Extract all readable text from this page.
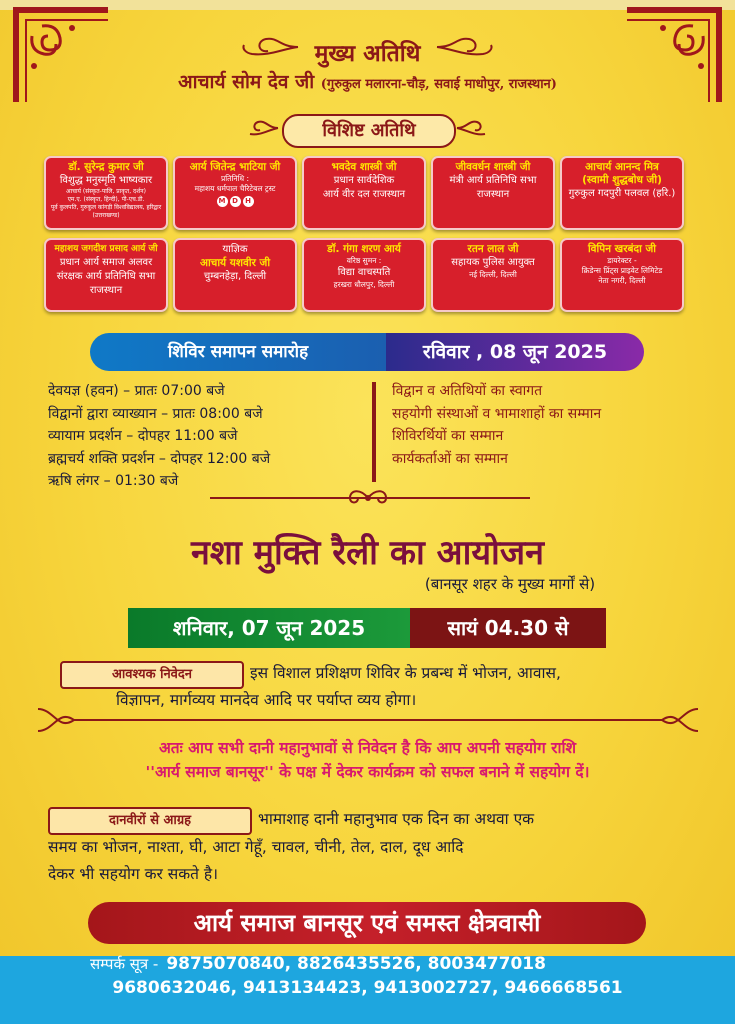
मुख्य अतिथि
आचार्य सोम देव जी (गुरुकुल मलारना-चौड़, सवाई माधोपुर, राजस्थान)
विशिष्ट अतिथि
डॉ. सुरेन्द्र कुमार जी
विशुद्ध मनुस्मृति भाष्यकार
आचार्य (संस्कृत-पालि, प्राकृत, दर्शन)
एम.ए. (संस्कृत, हिन्दी), पी-एच.डी.
पूर्व कुलपति, गुरुकुल कांगड़ी विश्वविद्यालय, हरिद्वार (उत्तराखण्ड)
आर्य जितेन्द्र भाटिया जी
प्रतिनिधि :
महाशय धर्मपाल चैरिटेबल ट्रस्ट
M D	H
भवदेव शास्त्री जी
प्रधान सार्वदेशिक
आर्य वीर दल राजस्थान
जीववर्धन शास्त्री जी
मंत्री आर्य प्रतिनिधि सभा
राजस्थान
आचार्य आनन्द मित्र
(स्वामी शुद्धबोध जी)
गुरुकुल गदपुरी पलवल (हरि.)
महाशय जगदीश प्रसाद आर्य जी
प्रधान आर्य समाज अलवर
संरक्षक आर्य प्रतिनिधि सभा
राजस्थान
याज्ञिक
आचार्य यशवीर जी
चुम्बनहेड़ा, दिल्ली
डॉ. गंगा शरण आर्य
वरिष्ठ सुमन :
विद्या वाचस्पति
हरखरा धौलपुर, दिल्ली
रतन लाल जी
सहायक पुलिस आयुक्त
नई दिल्ली, दिल्ली
विपिन खरबंदा जी
डायरेक्टर -
क्रिडेन्स प्रिंट्स प्राइवेट लिमिटेड
नेता नगरी, दिल्ली
शिविर समापन समारोह	रविवार , 08 जून 2025
देवयज्ञ (हवन) – प्रातः 07:00 बजे
विद्वानों द्वारा व्याख्यान – प्रातः 08:00 बजे
व्यायाम प्रदर्शन – दोपहर 11:00 बजे
ब्रह्मचर्य शक्ति प्रदर्शन – दोपहर 12:00 बजे
ऋषि लंगर – 01:30 बजे
विद्वान व अतिथियों का स्वागत
सहयोगी संस्थाओं व भामाशाहों का सम्मान
शिविरर्थियों का सम्मान
कार्यकर्ताओं का सम्मान
नशा मुक्ति रैली का आयोजन
(बानसूर शहर के मुख्य मार्गों से)
शनिवार, 07 जून 2025	सायं 04.30 से
आवश्यक निवेदन	इस विशाल प्रशिक्षण शिविर के प्रबन्ध में भोजन, आवास,
विज्ञापन, मार्गव्यय मानदेव आदि पर पर्याप्त व्यय होगा।
अतः आप सभी दानी महानुभावों से निवेदन है कि आप अपनी सहयोग राशि
''आर्य समाज बानसूर'' के पक्ष में देकर कार्यक्रम को सफल बनाने में सहयोग दें।
दानवीरों से आग्रह	भामाशाह दानी महानुभाव एक दिन का अथवा एक
समय का भोजन, नाश्ता, घी, आटा गेहूँ, चावल, चीनी, तेल, दाल, दूध आदि
देकर भी सहयोग कर सकते है।
आर्य समाज बानसूर एवं समस्त क्षेत्रवासी
सम्पर्क सूत्र - 9875070840, 8826435526, 8003477018
9680632046, 9413134423, 9413002727, 9466668561
